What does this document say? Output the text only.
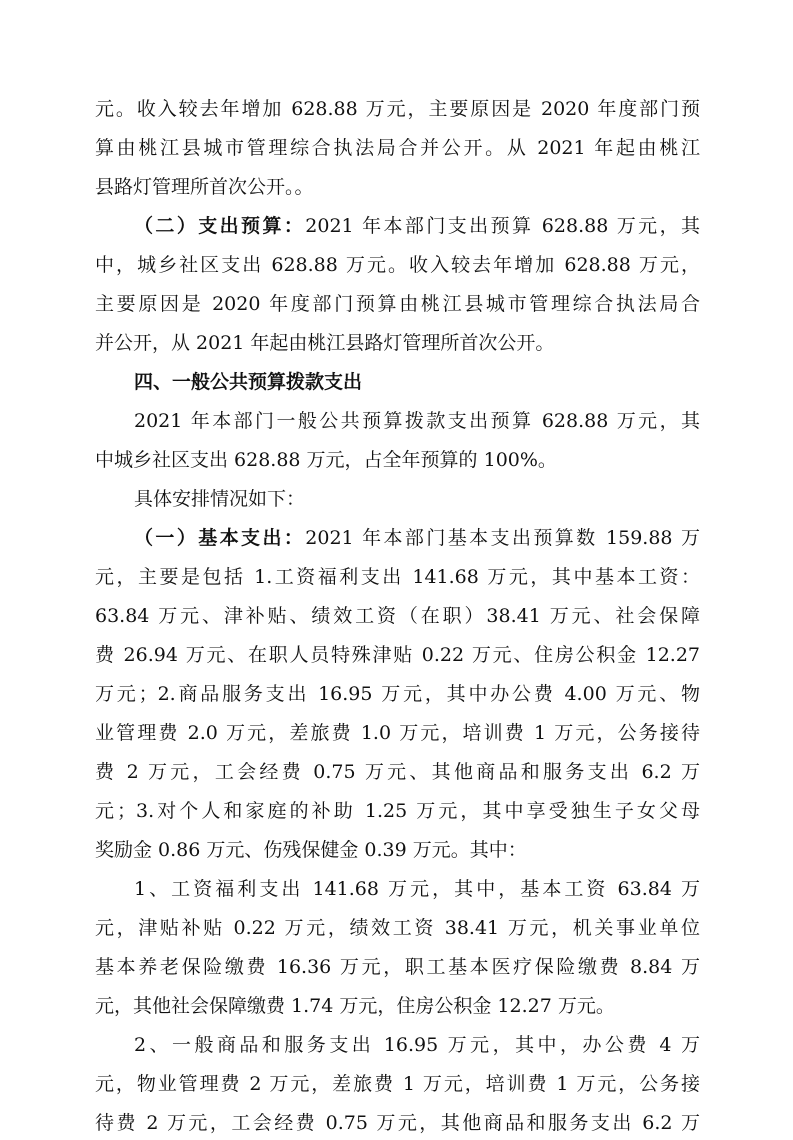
元。收入较去年增加 628.88 万元，主要原因是 2020 年度部门预
算由桃江县城市管理综合执法局合并公开。从 2021 年起由桃江
县路灯管理所首次公开。。
（二）支出预算：2021 年本部门支出预算 628.88 万元，其
中，城乡社区支出 628.88 万元。收入较去年增加 628.88 万元，
主要原因是 2020 年度部门预算由桃江县城市管理综合执法局合
并公开，从 2021 年起由桃江县路灯管理所首次公开。
四、一般公共预算拨款支出
2021 年本部门一般公共预算拨款支出预算 628.88 万元，其
中城乡社区支出 628.88 万元，占全年预算的 100%。
具体安排情况如下：
（一）基本支出：2021 年本部门基本支出预算数 159.88 万
元，主要是包括 1.工资福利支出 141.68 万元，其中基本工资：
63.84 万元、津补贴、绩效工资（在职）38.41 万元、社会保障
费 26.94 万元、在职人员特殊津贴 0.22 万元、住房公积金 12.27
万元；2.商品服务支出 16.95 万元，其中办公费 4.00 万元、物
业管理费 2.0 万元，差旅费 1.0 万元，培训费 1 万元，公务接待
费 2 万元，工会经费 0.75 万元、其他商品和服务支出 6.2 万
元；3.对个人和家庭的补助 1.25 万元，其中享受独生子女父母
奖励金 0.86 万元、伤残保健金 0.39 万元。其中：
1、工资福利支出 141.68 万元，其中，基本工资 63.84 万
元，津贴补贴 0.22 万元，绩效工资 38.41 万元，机关事业单位
基本养老保险缴费 16.36 万元，职工基本医疗保险缴费 8.84 万
元，其他社会保障缴费 1.74 万元，住房公积金 12.27 万元。
2、一般商品和服务支出 16.95 万元，其中，办公费 4 万
元，物业管理费 2 万元，差旅费 1 万元，培训费 1 万元，公务接
待费 2 万元，工会经费 0.75 万元，其他商品和服务支出 6.2 万
